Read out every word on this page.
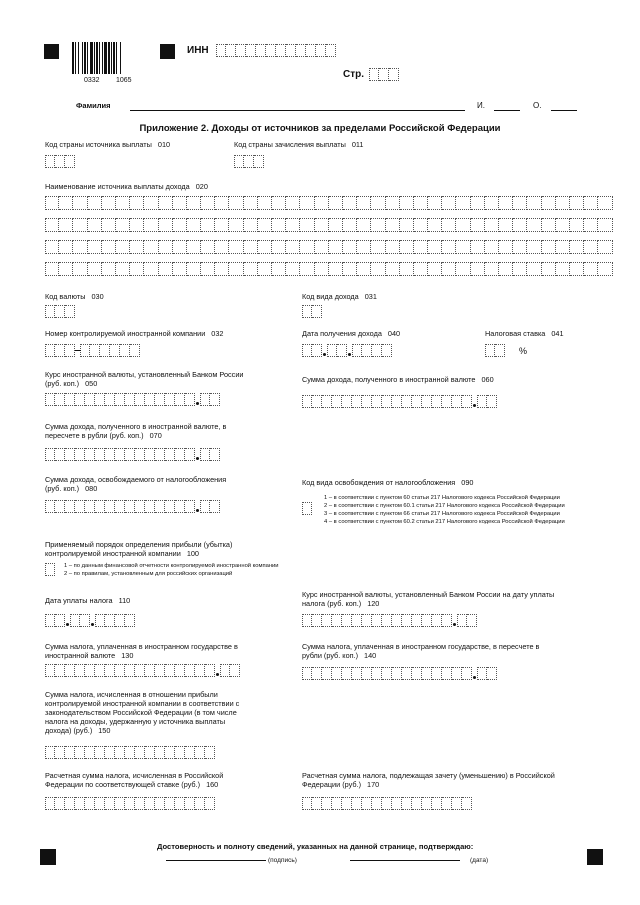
0332 1065
ИНН
Стр.
Фамилия	И.	О.
Приложение 2. Доходы от источников за пределами Российской Федерации
Код страны источника выплаты 010	Код страны зачисления выплаты 011
Наименование источника выплаты дохода 020
Код валюты 030	Код вида дохода 031
Номер контролируемой иностранной компании 032	Дата получения дохода 040	Налоговая ставка 041
%
Курс иностранной валюты, установленный Банком России
(руб. коп.) 050	Сумма дохода, полученного в иностранной валюте 060
Сумма дохода, полученного в иностранной валюте, в
пересчете в рубли (руб. коп.) 070
Сумма дохода, освобождаемого от налогообложения
(руб. коп.) 080
Код вида освобождения от налогообложения 090
1 – в соответствии с пунктом 60 статьи 217 Налогового кодекса Российской Федерации
2 – в соответствии с пунктом 60.1 статьи 217 Налогового кодекса Российской Федерации
3 – в соответствии с пунктом 66 статьи 217 Налогового кодекса Российской Федерации
4 – в соответствии с пунктом 60.2 статьи 217 Налогового кодекса Российской Федерации
Применяемый порядок определения прибыли (убытка)
контролируемой иностранной компании 100
1 – по данным финансовой отчетности контролируемой иностранной компании
2 – по правилам, установленным для российских организаций
Дата уплаты налога 110
Курс иностранной валюты, установленный Банком России на дату уплаты
налога (руб. коп.) 120
Сумма налога, уплаченная в иностранном государстве в
иностранной валюте 130
Сумма налога, уплаченная в иностранном государстве, в пересчете в
рубли (руб. коп.) 140
Сумма налога, исчисленная в отношении прибыли
контролируемой иностранной компании в соответствии с
законодательством Российской Федерации (в том числе
налога на доходы, удержанную у источника выплаты
дохода) (руб.) 150
Расчетная сумма налога, исчисленная в Российской
Федерации по соответствующей ставке (руб.) 160
Расчетная сумма налога, подлежащая зачету (уменьшению) в Российской
Федерации (руб.) 170
Достоверность и полноту сведений, указанных на данной странице, подтверждаю:
(подпись)	(дата)
